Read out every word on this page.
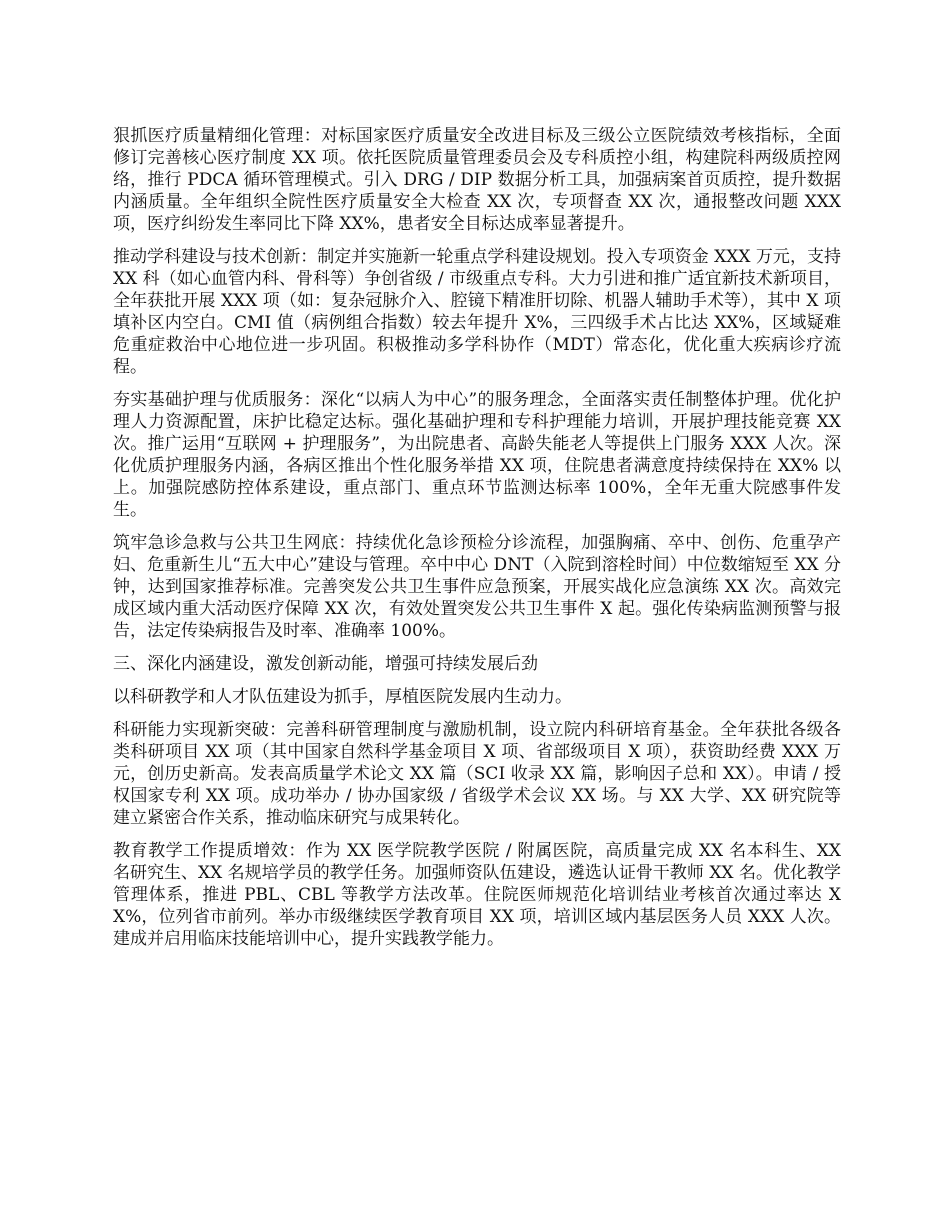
狠抓医疗质量精细化管理：对标国家医疗质量安全改进目标及三级公立医院绩效考核指标，全面修订完善核心医疗制度 XX 项。依托医院质量管理委员会及专科质控小组，构建院科两级质控网络，推行 PDCA 循环管理模式。引入 DRG / DIP 数据分析工具，加强病案首页质控，提升数据内涵质量。全年组织全院性医疗质量安全大检查 XX 次，专项督查 XX 次，通报整改问题 XXX 项，医疗纠纷发生率同比下降 XX%，患者安全目标达成率显著提升。

推动学科建设与技术创新：制定并实施新一轮重点学科建设规划。投入专项资金 XXX 万元，支持 XX 科（如心血管内科、骨科等）争创省级 / 市级重点专科。大力引进和推广适宜新技术新项目，全年获批开展 XXX 项（如：复杂冠脉介入、腔镜下精准肝切除、机器人辅助手术等），其中 X 项填补区内空白。CMI 值（病例组合指数）较去年提升 X%，三四级手术占比达 XX%，区域疑难危重症救治中心地位进一步巩固。积极推动多学科协作（MDT）常态化，优化重大疾病诊疗流程。

夯实基础护理与优质服务：深化“以病人为中心”的服务理念，全面落实责任制整体护理。优化护理人力资源配置，床护比稳定达标。强化基础护理和专科护理能力培训，开展护理技能竞赛 XX 次。推广运用“互联网 + 护理服务”，为出院患者、高龄失能老人等提供上门服务 XXX 人次。深化优质护理服务内涵，各病区推出个性化服务举措 XX 项，住院患者满意度持续保持在 XX% 以上。加强院感防控体系建设，重点部门、重点环节监测达标率 100%，全年无重大院感事件发生。

筑牢急诊急救与公共卫生网底：持续优化急诊预检分诊流程，加强胸痛、卒中、创伤、危重孕产妇、危重新生儿“五大中心”建设与管理。卒中中心 DNT（入院到溶栓时间）中位数缩短至 XX 分钟，达到国家推荐标准。完善突发公共卫生事件应急预案，开展实战化应急演练 XX 次。高效完成区域内重大活动医疗保障 XX 次，有效处置突发公共卫生事件 X 起。强化传染病监测预警与报告，法定传染病报告及时率、准确率 100%。

三、深化内涵建设，激发创新动能，增强可持续发展后劲

以科研教学和人才队伍建设为抓手，厚植医院发展内生动力。

科研能力实现新突破：完善科研管理制度与激励机制，设立院内科研培育基金。全年获批各级各类科研项目 XX 项（其中国家自然科学基金项目 X 项、省部级项目 X 项），获资助经费 XXX 万元，创历史新高。发表高质量学术论文 XX 篇（SCI 收录 XX 篇，影响因子总和 XX）。申请 / 授权国家专利 XX 项。成功举办 / 协办国家级 / 省级学术会议 XX 场。与 XX 大学、XX 研究院等建立紧密合作关系，推动临床研究与成果转化。

教育教学工作提质增效：作为 XX 医学院教学医院 / 附属医院，高质量完成 XX 名本科生、XX 名研究生、XX 名规培学员的教学任务。加强师资队伍建设，遴选认证骨干教师 XX 名。优化教学管理体系，推进 PBL、CBL 等教学方法改革。住院医师规范化培训结业考核首次通过率达 XX%，位列省市前列。举办市级继续医学教育项目 XX 项，培训区域内基层医务人员 XXX 人次。建成并启用临床技能培训中心，提升实践教学能力。
